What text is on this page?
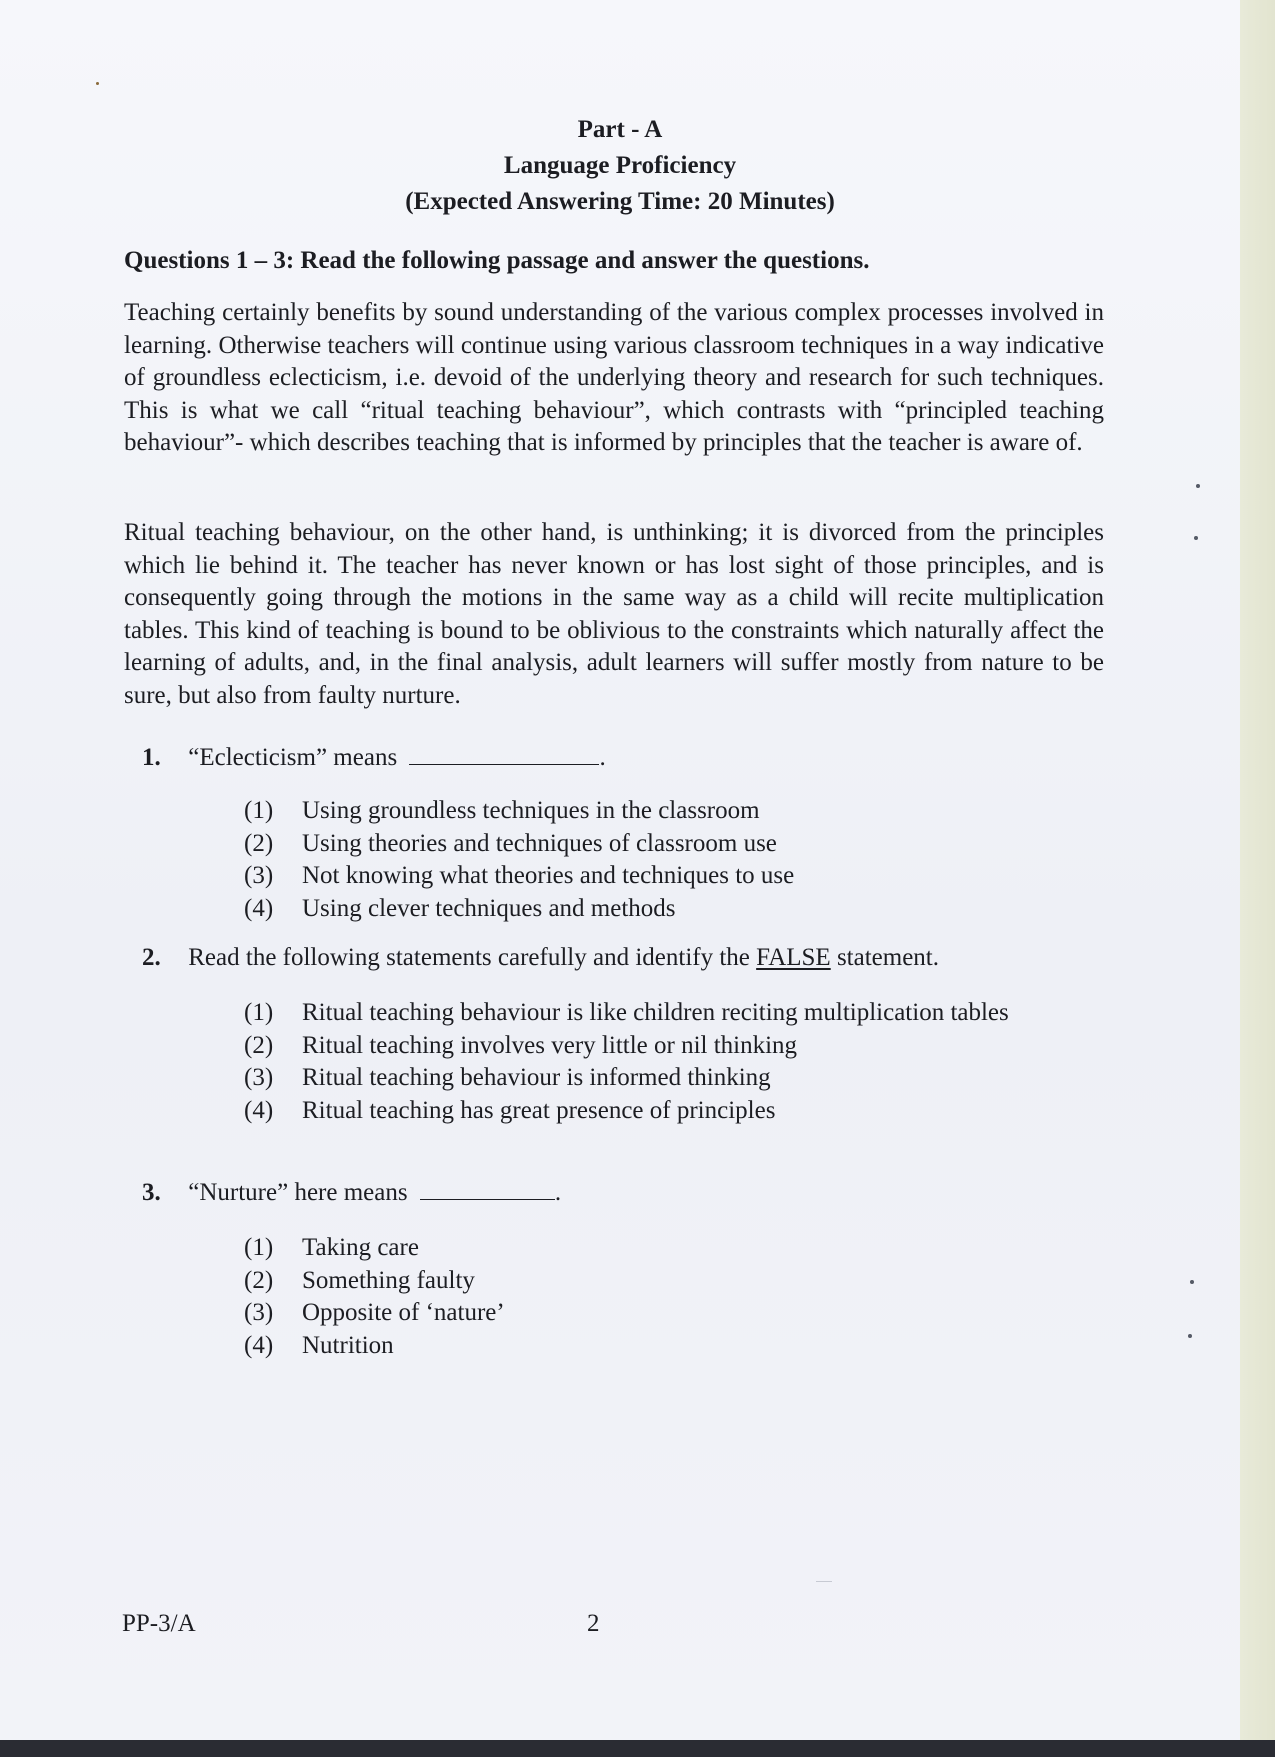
Part - A
Language Proficiency
(Expected Answering Time: 20 Minutes)
Questions 1 – 3: Read the following passage and answer the questions.

Teaching certainly benefits by sound understanding of the various complex processes involved in learning. Otherwise teachers will continue using various classroom techniques in a way indicative of groundless eclecticism, i.e. devoid of the underlying theory and research for such techniques. This is what we call “ritual teaching behaviour”, which contrasts with “principled teaching behaviour”- which describes teaching that is informed by principles that the teacher is aware of.

Ritual teaching behaviour, on the other hand, is unthinking; it is divorced from the principles which lie behind it. The teacher has never known or has lost sight of those principles, and is consequently going through the motions in the same way as a child will recite multiplication tables. This kind of teaching is bound to be oblivious to the constraints which naturally affect the learning of adults, and, in the final analysis, adult learners will suffer mostly from nature to be sure, but also from faulty nurture.

1. “Eclecticism” means	.
(1)	Using groundless techniques in the classroom
(2)	Using theories and techniques of classroom use
(3)	Not knowing what theories and techniques to use
(4)	Using clever techniques and methods
2. Read the following statements carefully and identify the FALSE statement.
(1)	Ritual teaching behaviour is like children reciting multiplication tables
(2)	Ritual teaching involves very little or nil thinking
(3)	Ritual teaching behaviour is informed thinking
(4)	Ritual teaching has great presence of principles
3. “Nurture” here means	.
(1)	Taking care
(2)	Something faulty
(3)	Opposite of ‘nature’
(4)	Nutrition
PP-3/A	2
